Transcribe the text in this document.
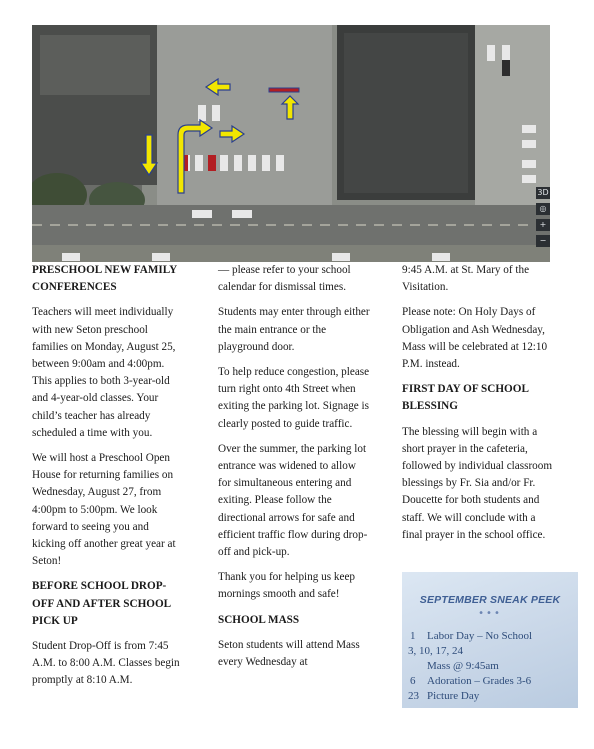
3D
◎
+
−
PRESCHOOL NEW FAMILY CONFERENCES

Teachers will meet individually with new Seton preschool families on Monday, August 25, between 9:00am and 4:00pm. This applies to both 3-year-old and 4-year-old classes. Your child’s teacher has already scheduled a time with you.

We will host a Preschool Open House for returning families on Wednesday, August 27, from 4:00pm to 5:00pm. We look forward to seeing you and kicking off another great year at Seton!

BEFORE SCHOOL DROP-OFF AND AFTER SCHOOL PICK UP

Student Drop-Off is from 7:45 A.M. to 8:00 A.M. Classes begin promptly at 8:10 A.M.

— please refer to your school calendar for dismissal times.

Students may enter through either the main entrance or the playground door.

To help reduce congestion, please turn right onto 4th Street when exiting the parking lot. Signage is clearly posted to guide traffic.

Over the summer, the parking lot entrance was widened to allow for simultaneous entering and exiting. Please follow the directional arrows for safe and efficient traffic flow during drop-off and pick-up.

Thank you for helping us keep mornings smooth and safe!

SCHOOL MASS

Seton students will attend Mass every Wednesday at

9:45 A.M. at St. Mary of the Visitation.

Please note: On Holy Days of Obligation and Ash Wednesday, Mass will be celebrated at 12:10 P.M. instead.

FIRST DAY OF SCHOOL BLESSING

The blessing will begin with a short prayer in the cafeteria, followed by individual classroom blessings by Fr. Sia and/or Fr. Doucette for both students and staff. We will conclude with a final prayer in the school office.

SEPTEMBER SNEAK PEEK
•••
1 Labor Day – No School
3, 10, 17, 24
Mass @ 9:45am
6 Adoration – Grades 3-6
23 Picture Day
